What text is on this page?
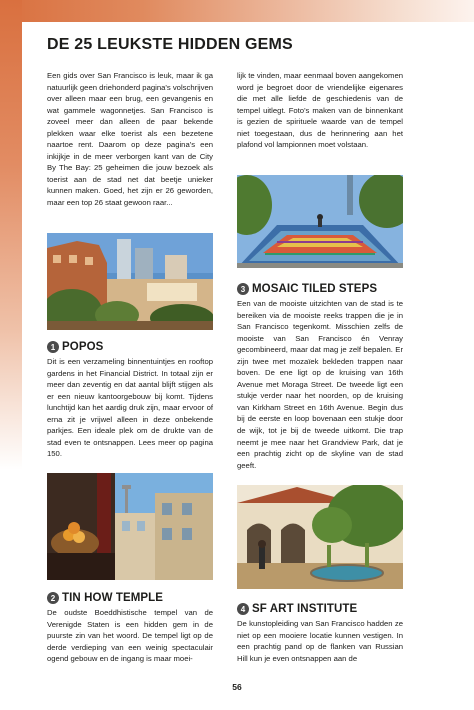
DE 25 LEUKSTE HIDDEN GEMS

Een gids over San Francisco is leuk, maar ik ga natuurlijk geen driehonderd pagina's volschrijven over alleen maar een brug, een gevangenis en wat gammele wagonnetjes. San Francisco is zoveel meer dan alleen de paar bekende plekken waar elke toerist als een bezetene naartoe rent. Daarom op deze pagina's een inkijkje in de meer verborgen kant van de City By The Bay: 25 geheimen die jouw bezoek als toerist aan de stad net dat beetje unieker kunnen maken. Goed, het zijn er 26 geworden, maar een top 26 staat gewoon raar...

1 POPOS

Dit is een verzameling binnentuintjes en rooftop gardens in het Financial District. In totaal zijn er meer dan zeventig en dat aantal blijft stijgen als er een nieuw kantoorgebouw bij komt. Tijdens lunchtijd kan het aardig druk zijn, maar ervoor of erna zit je vrijwel alleen in deze onbekende parkjes. Een ideale plek om de drukte van de stad even te ontsnappen. Lees meer op pagina 150.

2 TIN HOW TEMPLE

De oudste Boeddhistische tempel van de Verenigde Staten is een hidden gem in de puurste zin van het woord. De tempel ligt op de derde verdieping van een weinig spectaculair ogend gebouw en de ingang is maar moei-

lijk te vinden, maar eenmaal boven aangekomen word je begroet door de vriendelijke eigenares die met alle liefde de geschiedenis van de tempel uitlegt. Foto's maken van de binnenkant is gezien de spirituele waarde van de tempel niet toegestaan, dus de herinnering aan het plafond vol lampionnen moet volstaan.

3 MOSAIC TILED STEPS

Een van de mooiste uitzichten van de stad is te bereiken via de mooiste reeks trappen die je in San Francisco tegenkomt. Misschien zelfs de mooiste van San Francisco én Venray gecombineerd, maar dat mag je zelf bepalen. Er zijn twee met mozaïek bekleden trappen naar boven. De ene ligt op de kruising van 16th Avenue met Moraga Street. De tweede ligt een stukje verder naar het noorden, op de kruising van Kirkham Street en 16th Avenue. Begin dus bij de eerste en loop bovenaan een stukje door de wijk, tot je bij de tweede uitkomt. Die trap neemt je mee naar het Grandview Park, dat je een prachtig zicht op de skyline van de stad geeft.

4 SF ART INSTITUTE

De kunstopleiding van San Francisco hadden ze niet op een mooiere locatie kunnen vestigen. In een prachtig pand op de flanken van Russian Hill kun je even ontsnappen aan de

56
